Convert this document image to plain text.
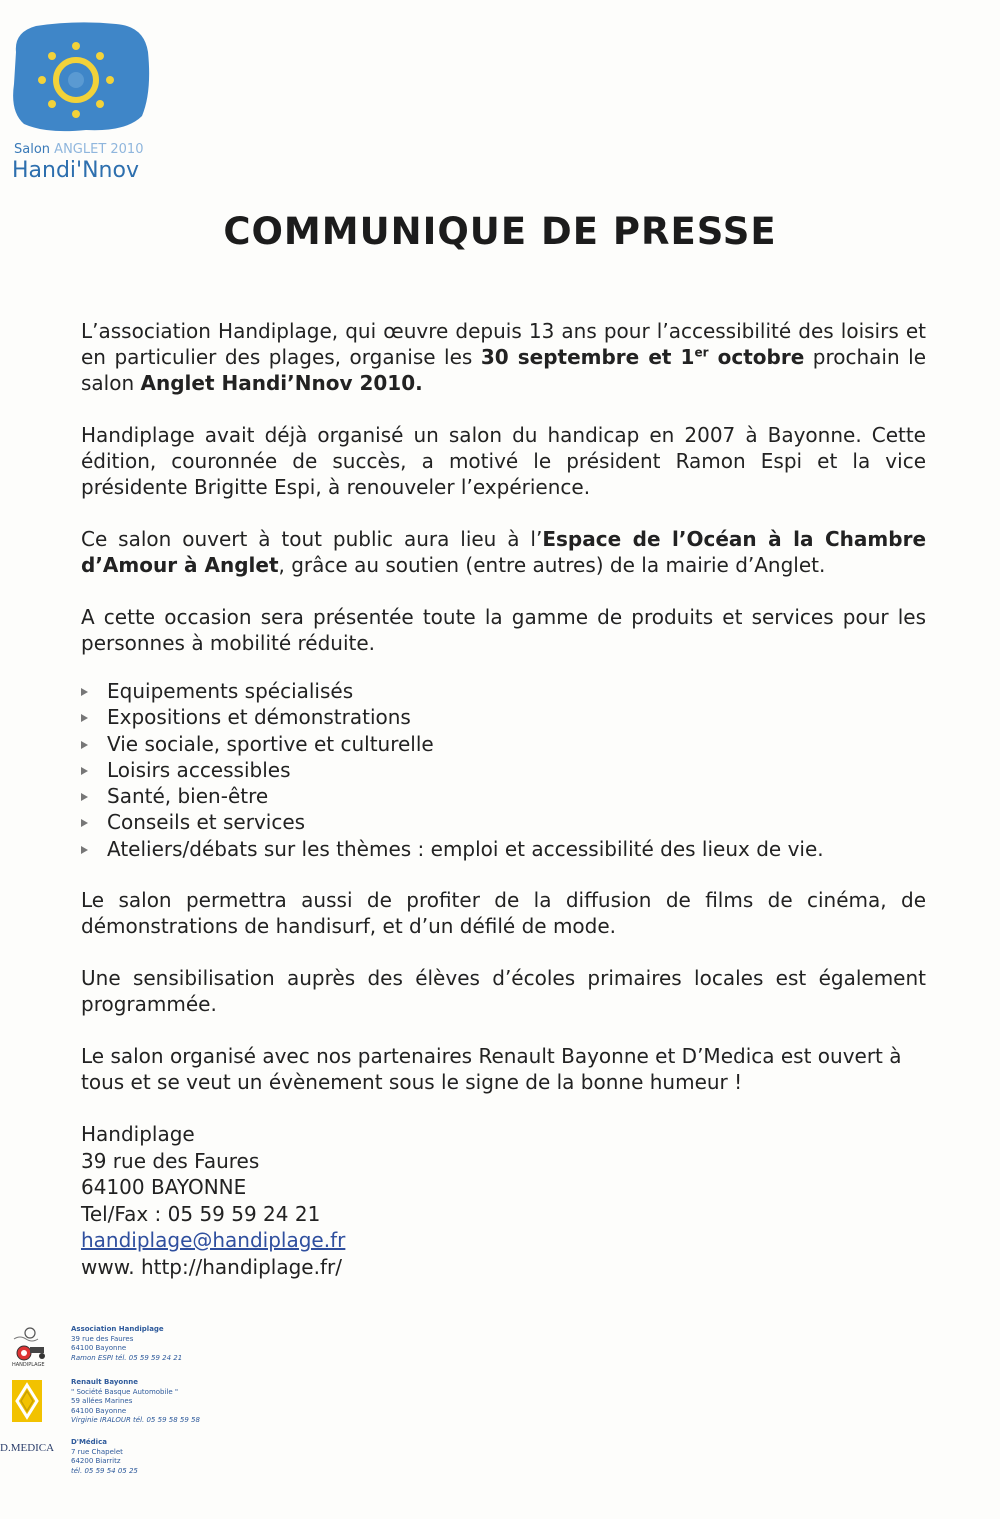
Salon ANGLET 2010
Handi'Nnov
COMMUNIQUE DE PRESSE

L’association Handiplage, qui œuvre depuis 13 ans pour l’accessibilité des loisirs et en particulier des plages, organise les 30 septembre et 1er octobre prochain le salon Anglet Handi’Nnov 2010.

Handiplage avait déjà organisé un salon du handicap en 2007 à Bayonne. Cette édition, couronnée de succès, a motivé le président Ramon Espi et la vice présidente Brigitte Espi, à renouveler l’expérience.

Ce salon ouvert à tout public aura lieu à l’Espace de l’Océan à la Chambre d’Amour à Anglet, grâce au soutien (entre autres) de la mairie d’Anglet.

A cette occasion sera présentée toute la gamme de produits et services pour les personnes à mobilité réduite.

Equipements spécialisés
Expositions et démonstrations
Vie sociale, sportive et culturelle
Loisirs accessibles
Santé, bien-être
Conseils et services
Ateliers/débats sur les thèmes : emploi et accessibilité des lieux de vie.

Le salon permettra aussi de profiter de la diffusion de films de cinéma, de démonstrations de handisurf, et d’un défilé de mode.

Une sensibilisation auprès des élèves d’écoles primaires locales est également programmée.

Le salon organisé avec nos partenaires Renault Bayonne et D’Medica est ouvert à tous et se veut un évènement sous le signe de la bonne humeur !

Handiplage
39 rue des Faures
64100 BAYONNE
Tel/Fax : 05 59 59 24 21
handiplage@handiplage.fr
www. http://handiplage.fr/
HANDIPLAGE
Association Handiplage
39 rue des Faures
64100 Bayonne
Ramon ESPI tél. 05 59 59 24 21
Renault Bayonne
" Société Basque Automobile "
59 allées Marines
64100 Bayonne
Virginie IRALOUR tél. 05 59 58 59 58
D.MEDICA D'Médica
7 rue Chapelet
64200 Biarritz
tél. 05 59 54 05 25
